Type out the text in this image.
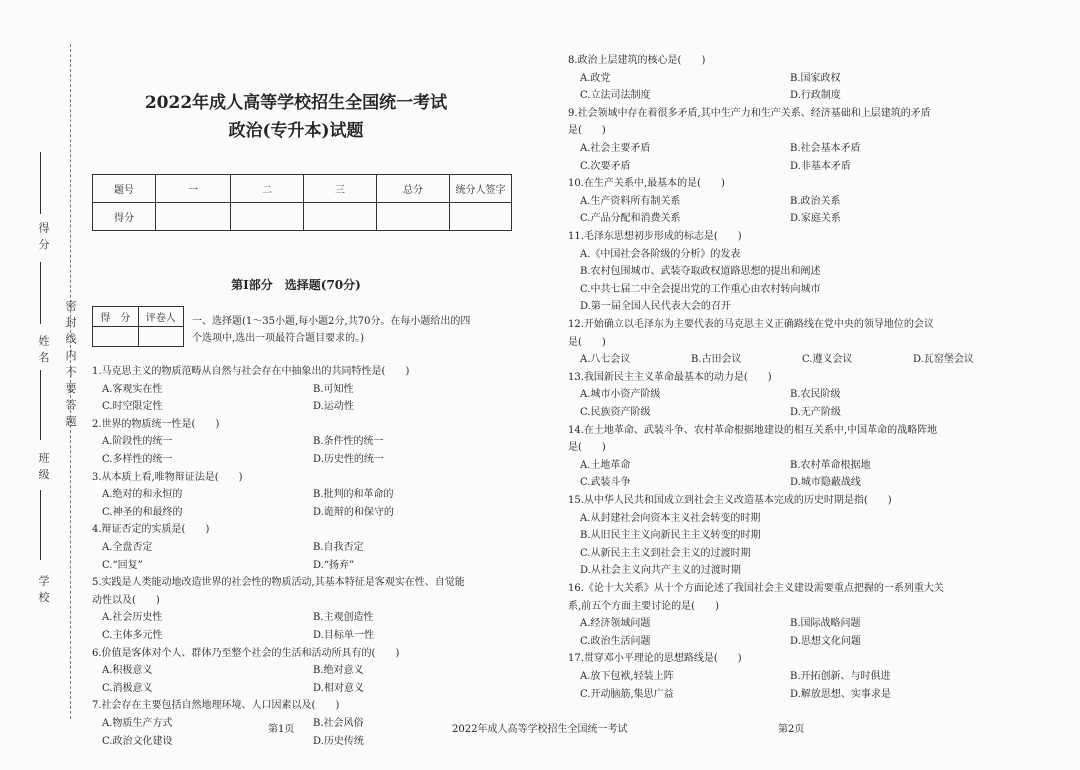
得 分
姓 名 密 封 线 内 不 要 答 题
班 级
学 校
2022年成人高等学校招生全国统一考试
政治(专升本)试题
题号	一	二	三	总分	统分人签字
得分					
第Ⅰ部分　选择题(70分)
得　分	评卷人
	一、选择题(1～35小题,每小题2分,共70分。在每小题给出的四
个选项中,选出一项最符合题目要求的。)
1.马克思主义的物质范畴从自然与社会存在中抽象出的共同特性是(　　)
A.客观实在性	B.可知性
C.时空限定性	D.运动性
2.世界的物质统一性是(　　)
A.阶段性的统一	B.条件性的统一
C.多样性的统一	D.历史性的统一
3.从本质上看,唯物辩证法是(　　)
A.绝对的和永恒的	B.批判的和革命的
C.神圣的和最终的	D.诡辩的和保守的
4.辩证否定的实质是(　　)
A.全盘否定	B.自我否定
C.“回复”	D.“扬弃”
5.实践是人类能动地改造世界的社会性的物质活动,其基本特征是客观实在性、自觉能
动性以及(　　)
A.社会历史性	B.主观创造性
C.主体多元性	D.目标单一性
6.价值是客体对个人、群体乃至整个社会的生活和活动所具有的(　　)
A.积极意义	B.绝对意义
C.消极意义	D.相对意义
7.社会存在主要包括自然地理环境、人口因素以及(　　)
A.物质生产方式	B.社会风俗
C.政治文化建设	D.历史传统
8.政治上层建筑的核心是(　　)
A.政党	B.国家政权
C.立法司法制度	D.行政制度
9.社会领域中存在着很多矛盾,其中生产力和生产关系、经济基础和上层建筑的矛盾
是(　　)
A.社会主要矛盾	B.社会基本矛盾
C.次要矛盾	D.非基本矛盾
10.在生产关系中,最基本的是(　　)
A.生产资料所有制关系	B.政治关系
C.产品分配和消费关系	D.家庭关系
11.毛泽东思想初步形成的标志是(　　)
A.《中国社会各阶级的分析》的发表
B.农村包围城市、武装夺取政权道路思想的提出和阐述
C.中共七届二中全会提出党的工作重心由农村转向城市
D.第一届全国人民代表大会的召开
12.开始确立以毛泽东为主要代表的马克思主义正确路线在党中央的领导地位的会议
是(　　)
A.八七会议	B.古田会议	C.遵义会议	D.瓦窑堡会议
13.我国新民主主义革命最基本的动力是(　　)
A.城市小资产阶级	B.农民阶级
C.民族资产阶级	D.无产阶级
14.在土地革命、武装斗争、农村革命根据地建设的相互关系中,中国革命的战略阵地
是(　　)
A.土地革命	B.农村革命根据地
C.武装斗争	D.城市隐蔽战线
15.从中华人民共和国成立到社会主义改造基本完成的历史时期是指(　　)
A.从封建社会向资本主义社会转变的时期
B.从旧民主主义向新民主主义转变的时期
C.从新民主主义到社会主义的过渡时期
D.从社会主义向共产主义的过渡时期
16.《论十大关系》从十个方面论述了我国社会主义建设需要重点把握的一系列重大关
系,前五个方面主要讨论的是(　　)
A.经济领域问题	B.国际战略问题
C.政治生活问题	D.思想文化问题
17.贯穿邓小平理论的思想路线是(　　)
A.放下包袱,轻装上阵	B.开拓创新、与时俱进
C.开动脑筋,集思广益	D.解放思想、实事求是
第1页	2022年成人高等学校招生全国统一考试	第2页
